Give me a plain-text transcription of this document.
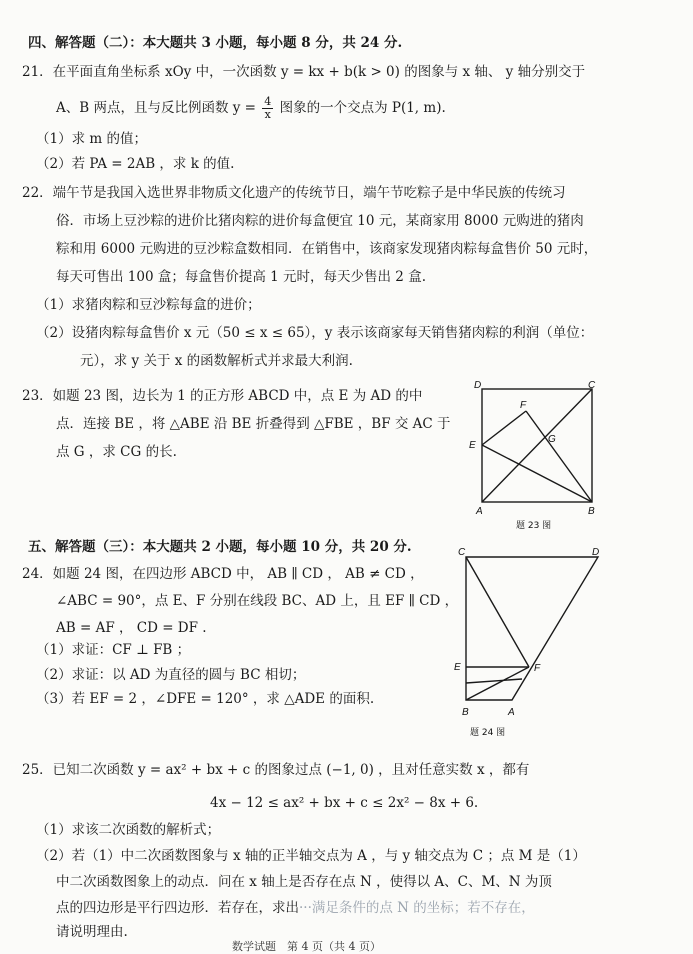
四、解答题（二）：本大题共 3 小题，每小题 8 分，共 24 分.
21．在平面直角坐标系 xOy 中，一次函数 y = kx + b(k > 0) 的图象与 x 轴、 y 轴分别交于
A、B 两点，且与反比例函数 $y = \frac{4}{x}$ 图象的一个交点为 P(1, m).
（1）求 m 的值；
（2）若 PA = 2AB ，求 k 的值.
22．端午节是我国入选世界非物质文化遗产的传统节日，端午节吃粽子是中华民族的传统习
俗．市场上豆沙粽的进价比猪肉粽的进价每盒便宜 10 元，某商家用 8000 元购进的猪肉
粽和用 6000 元购进的豆沙粽盒数相同．在销售中，该商家发现猪肉粽每盒售价 50 元时，
每天可售出 100 盒；每盒售价提高 1 元时，每天少售出 2 盒.
（1）求猪肉粽和豆沙粽每盒的进价；
（2）设猪肉粽每盒售价 x 元（50 ≤ x ≤ 65），y 表示该商家每天销售猪肉粽的利润（单位：
元），求 y 关于 x 的函数解析式并求最大利润.
23．如题 23 图，边长为 1 的正方形 ABCD 中，点 E 为 AD 的中
点．连接 BE ，将 △ABE 沿 BE 折叠得到 △FBE ，BF 交 AC 于
点 G ，求 CG 的长.
D	C
E
F
G
A	B
题 23 图
五、解答题（三）：本大题共 2 小题，每小题 10 分，共 20 分.
24．如题 24 图，在四边形 ABCD 中， AB ∥ CD ， AB ≠ CD ，
∠ABC = 90°，点 E、F 分别在线段 BC、AD 上，且 EF ∥ CD ，
AB = AF ， CD = DF .
（1）求证：CF ⊥ FB ；
（2）求证：以 AD 为直径的圆与 BC 相切；
（3）若 EF = 2 ，∠DFE = 120° ，求 △ADE 的面积.
C	D
E	F
B	A
题 24 图
25．已知二次函数 y = ax² + bx + c 的图象过点 (−1, 0) ，且对任意实数 x ，都有
4x − 12 ≤ ax² + bx + c ≤ 2x² − 8x + 6.
（1）求该二次函数的解析式；
（2）若（1）中二次函数图象与 x 轴的正半轴交点为 A ，与 y 轴交点为 C ；点 M 是（1）
中二次函数图象上的动点．问在 x 轴上是否存在点 N ，使得以 A、C、M、N 为顶
点的四边形是平行四边形．若存在，求出···满足条件的点 N 的坐标；若不存在，
请说明理由.
数学试题　第 4 页（共 4 页）
